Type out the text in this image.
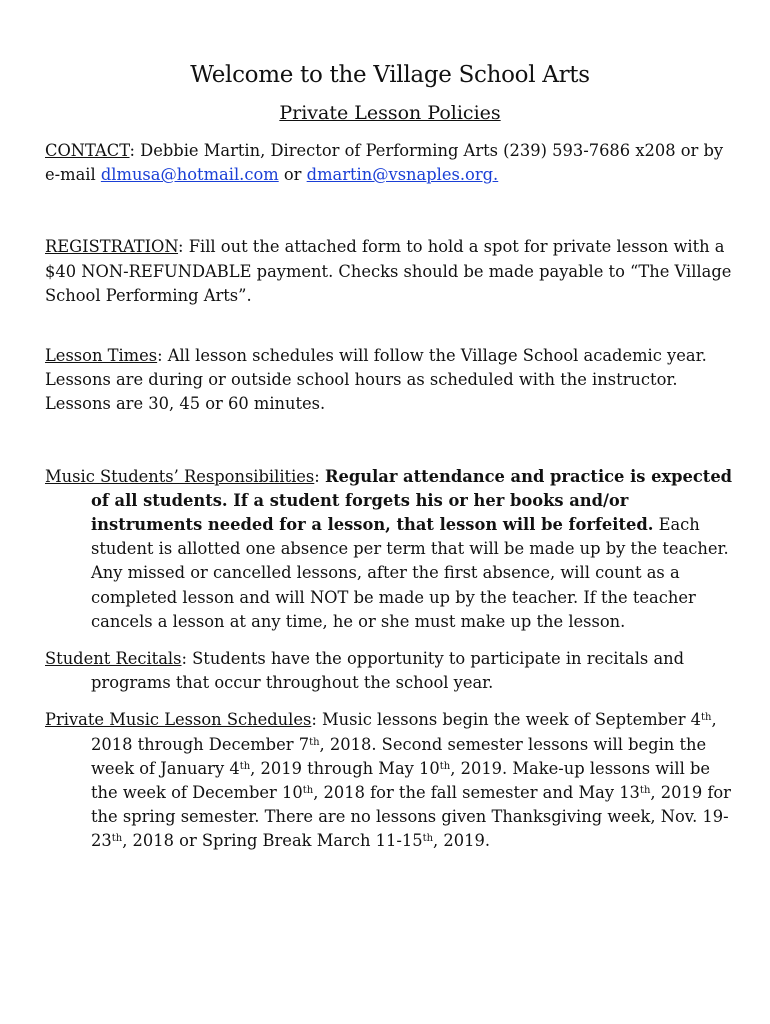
Welcome to the Village School Arts
Private Lesson Policies

CONTACT: Debbie Martin, Director of Performing Arts (239) 593-7686 x208 or by e-mail dlmusa@hotmail.com or dmartin@vsnaples.org.

REGISTRATION: Fill out the attached form to hold a spot for private lesson with a $40 NON-REFUNDABLE payment. Checks should be made payable to “The Village School Performing Arts”.

Lesson Times: All lesson schedules will follow the Village School academic year. Lessons are during or outside school hours as scheduled with the instructor. Lessons are 30, 45 or 60 minutes.

Music Students’ Responsibilities: Regular attendance and practice is expected of all students. If a student forgets his or her books and/or instruments needed for a lesson, that lesson will be forfeited. Each student is allotted one absence per term that will be made up by the teacher. Any missed or cancelled lessons, after the first absence, will count as a completed lesson and will NOT be made up by the teacher. If the teacher cancels a lesson at any time, he or she must make up the lesson.

Student Recitals: Students have the opportunity to participate in recitals and programs that occur throughout the school year.

Private Music Lesson Schedules: Music lessons begin the week of September 4th, 2018 through December 7th, 2018. Second semester lessons will begin the week of January 4th, 2019 through May 10th, 2019. Make-up lessons will be the week of December 10th, 2018 for the fall semester and May 13th, 2019 for the spring semester. There are no lessons given Thanksgiving week, Nov. 19-23th, 2018 or Spring Break March 11-15th, 2019.
